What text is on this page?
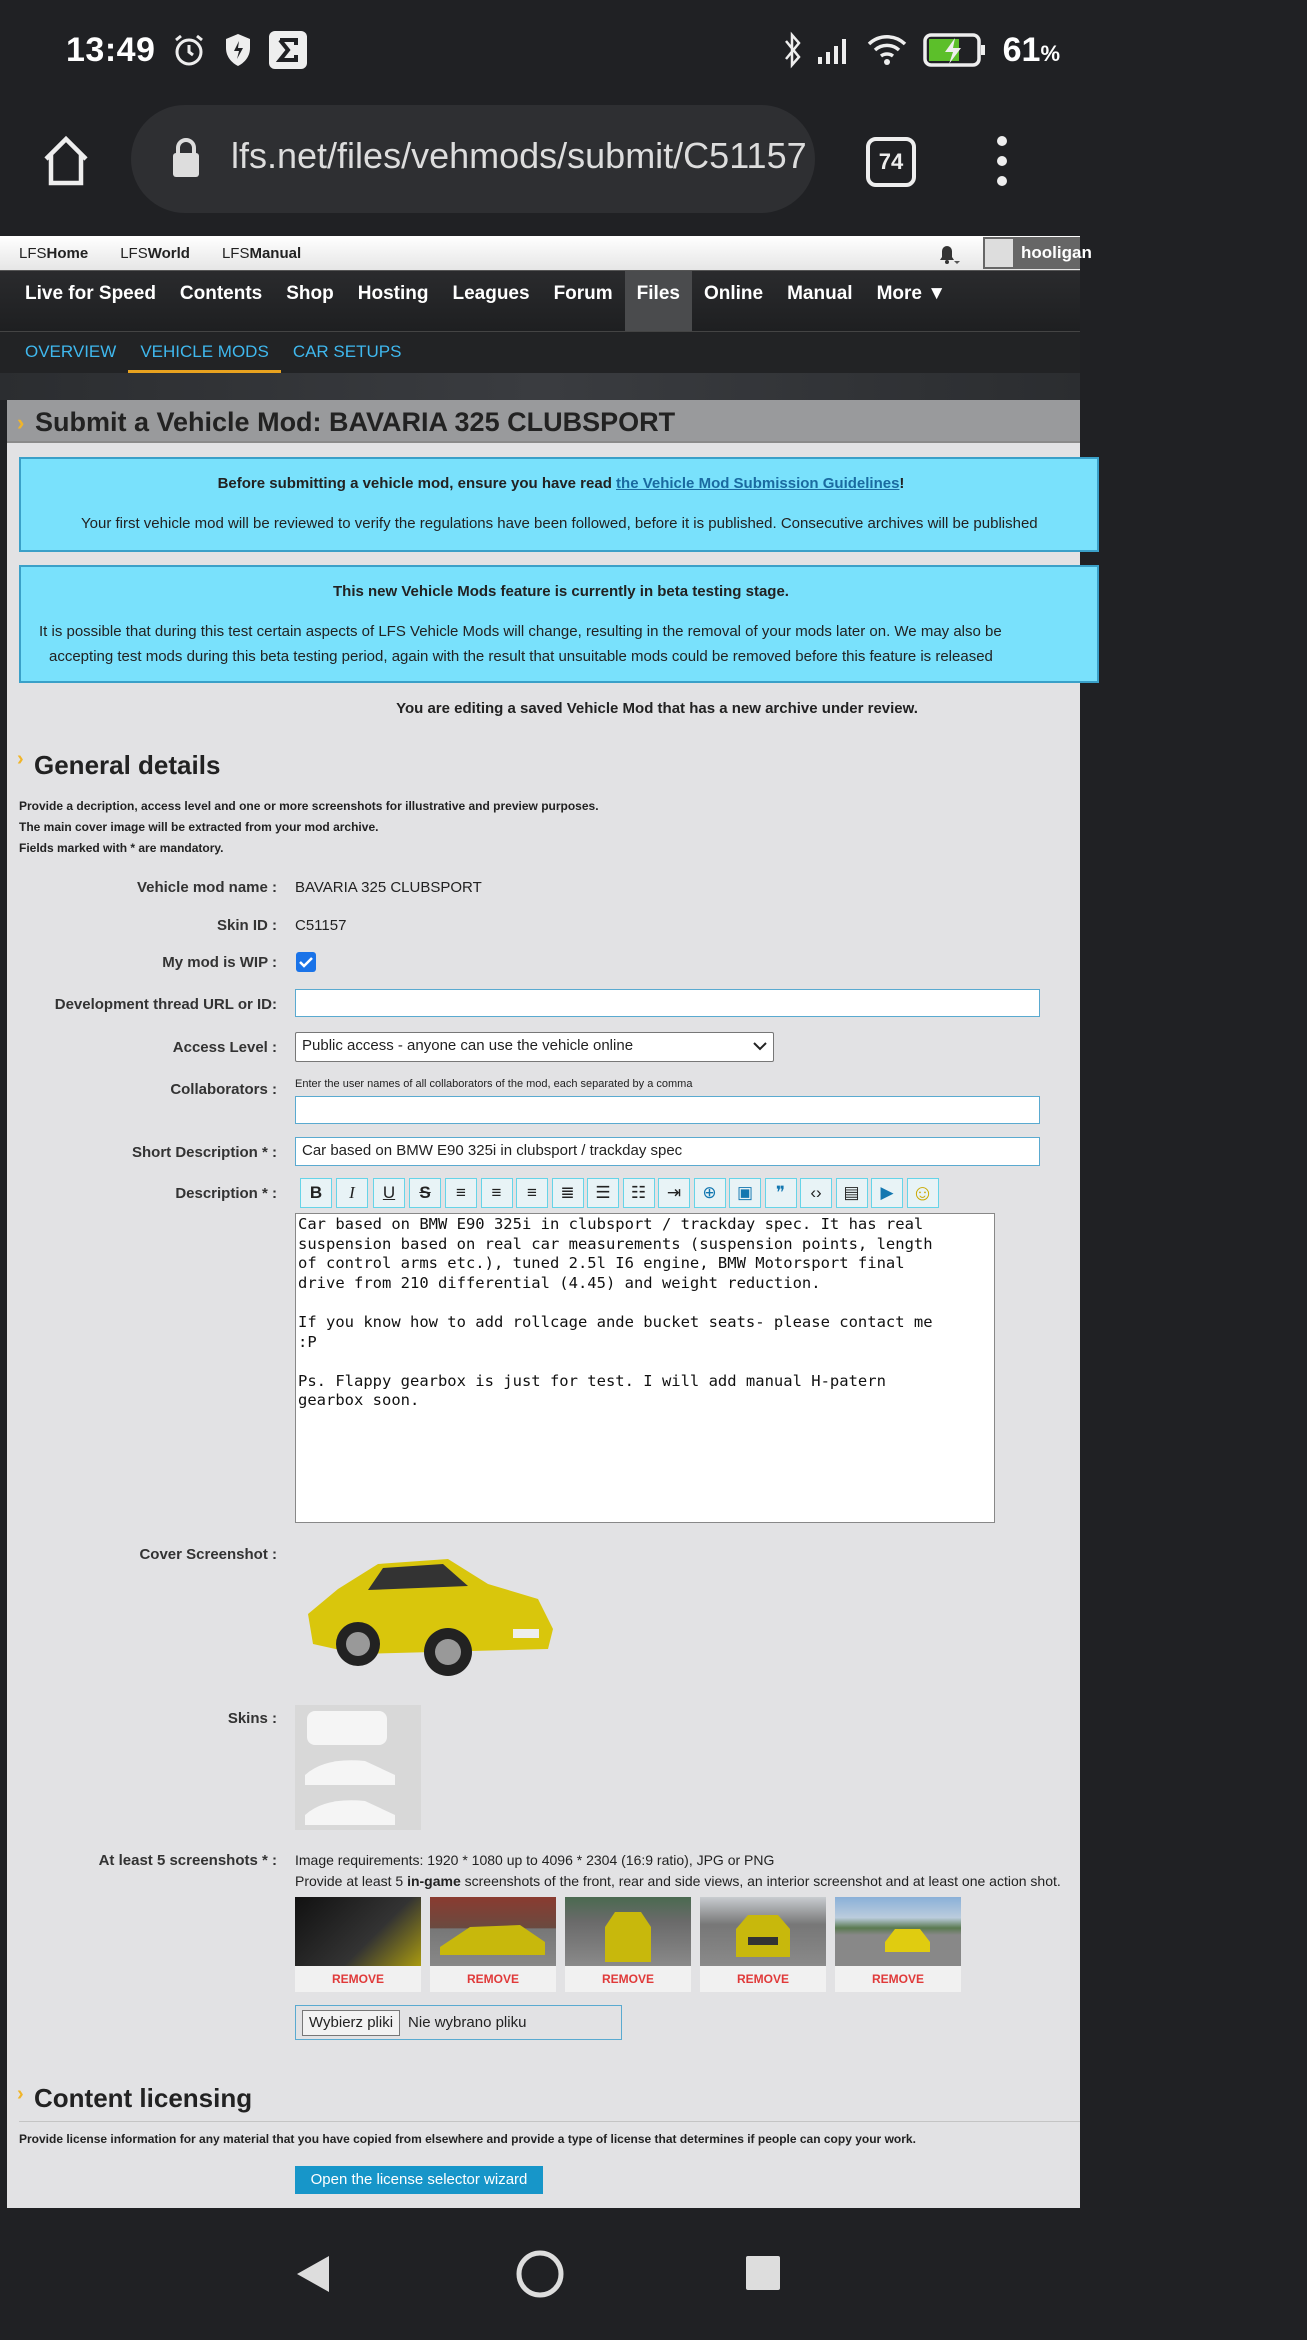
13:49	61%
lfs.net/files/vehmods/submit/C51157	74
LFSHome LFSWorld LFSManual	hooligan
Live for Speed	Contents	Shop	Hosting	Leagues	Forum	Files	Online	Manual	More ▼
OVERVIEW	VEHICLE MODS	CAR SETUPS
› Submit a Vehicle Mod: BAVARIA 325 CLUBSPORT

Before submitting a vehicle mod, ensure you have read the Vehicle Mod Submission Guidelines!

Your first vehicle mod will be reviewed to verify the regulations have been followed, before it is published. Consecutive archives will be published

This new Vehicle Mods feature is currently in beta testing stage.

It is possible that during this test certain aspects of LFS Vehicle Mods will change, resulting in the removal of your mods later on. We may also be

accepting test mods during this beta testing period, again with the result that unsuitable mods could be removed before this feature is released

You are editing a saved Vehicle Mod that has a new archive under review.
› General details
Provide a decription, access level and one or more screenshots for illustrative and preview purposes.
The main cover image will be extracted from your mod archive.
Fields marked with * are mandatory.
Vehicle mod name : BAVARIA 325 CLUBSPORT
Skin ID : C51157
My mod is WIP :
Development thread URL or ID:
Access Level :	Public access - anyone can use the vehicle online
Collaborators : Enter the user names of all collaborators of the mod, each separated by a comma
Short Description * :	Car based on BMW E90 325i in clubsport / trackday spec
Description * :	B	I	U	S	≡	≡	≡	≣	☰	☷	⇥	⊕	▣	❞	‹›	▤	▶ ☺
Car based on BMW E90 325i in clubsport / trackday spec. It has real
suspension based on real car measurements (suspension points, length
of control arms etc.), tuned 2.5l I6 engine, BMW Motorsport final
drive from 210 differential (4.45) and weight reduction.

If you know how to add rollcage ande bucket seats- please contact me
:P

Ps. Flappy gearbox is just for test. I will add manual H-patern
gearbox soon.
Cover Screenshot :
Skins :
At least 5 screenshots * : Image requirements: 1920 * 1080 up to 4096 * 2304 (16:9 ratio), JPG or PNG
Provide at least 5 in-game screenshots of the front, rear and side views, an interior screenshot and at least one action shot.
REMOVE	REMOVE	REMOVE	REMOVE	REMOVE
Wybierz pliki	Nie wybrano pliku
› Content licensing
Provide license information for any material that you have copied from elsewhere and provide a type of license that determines if people can copy your work.
Open the license selector wizard
